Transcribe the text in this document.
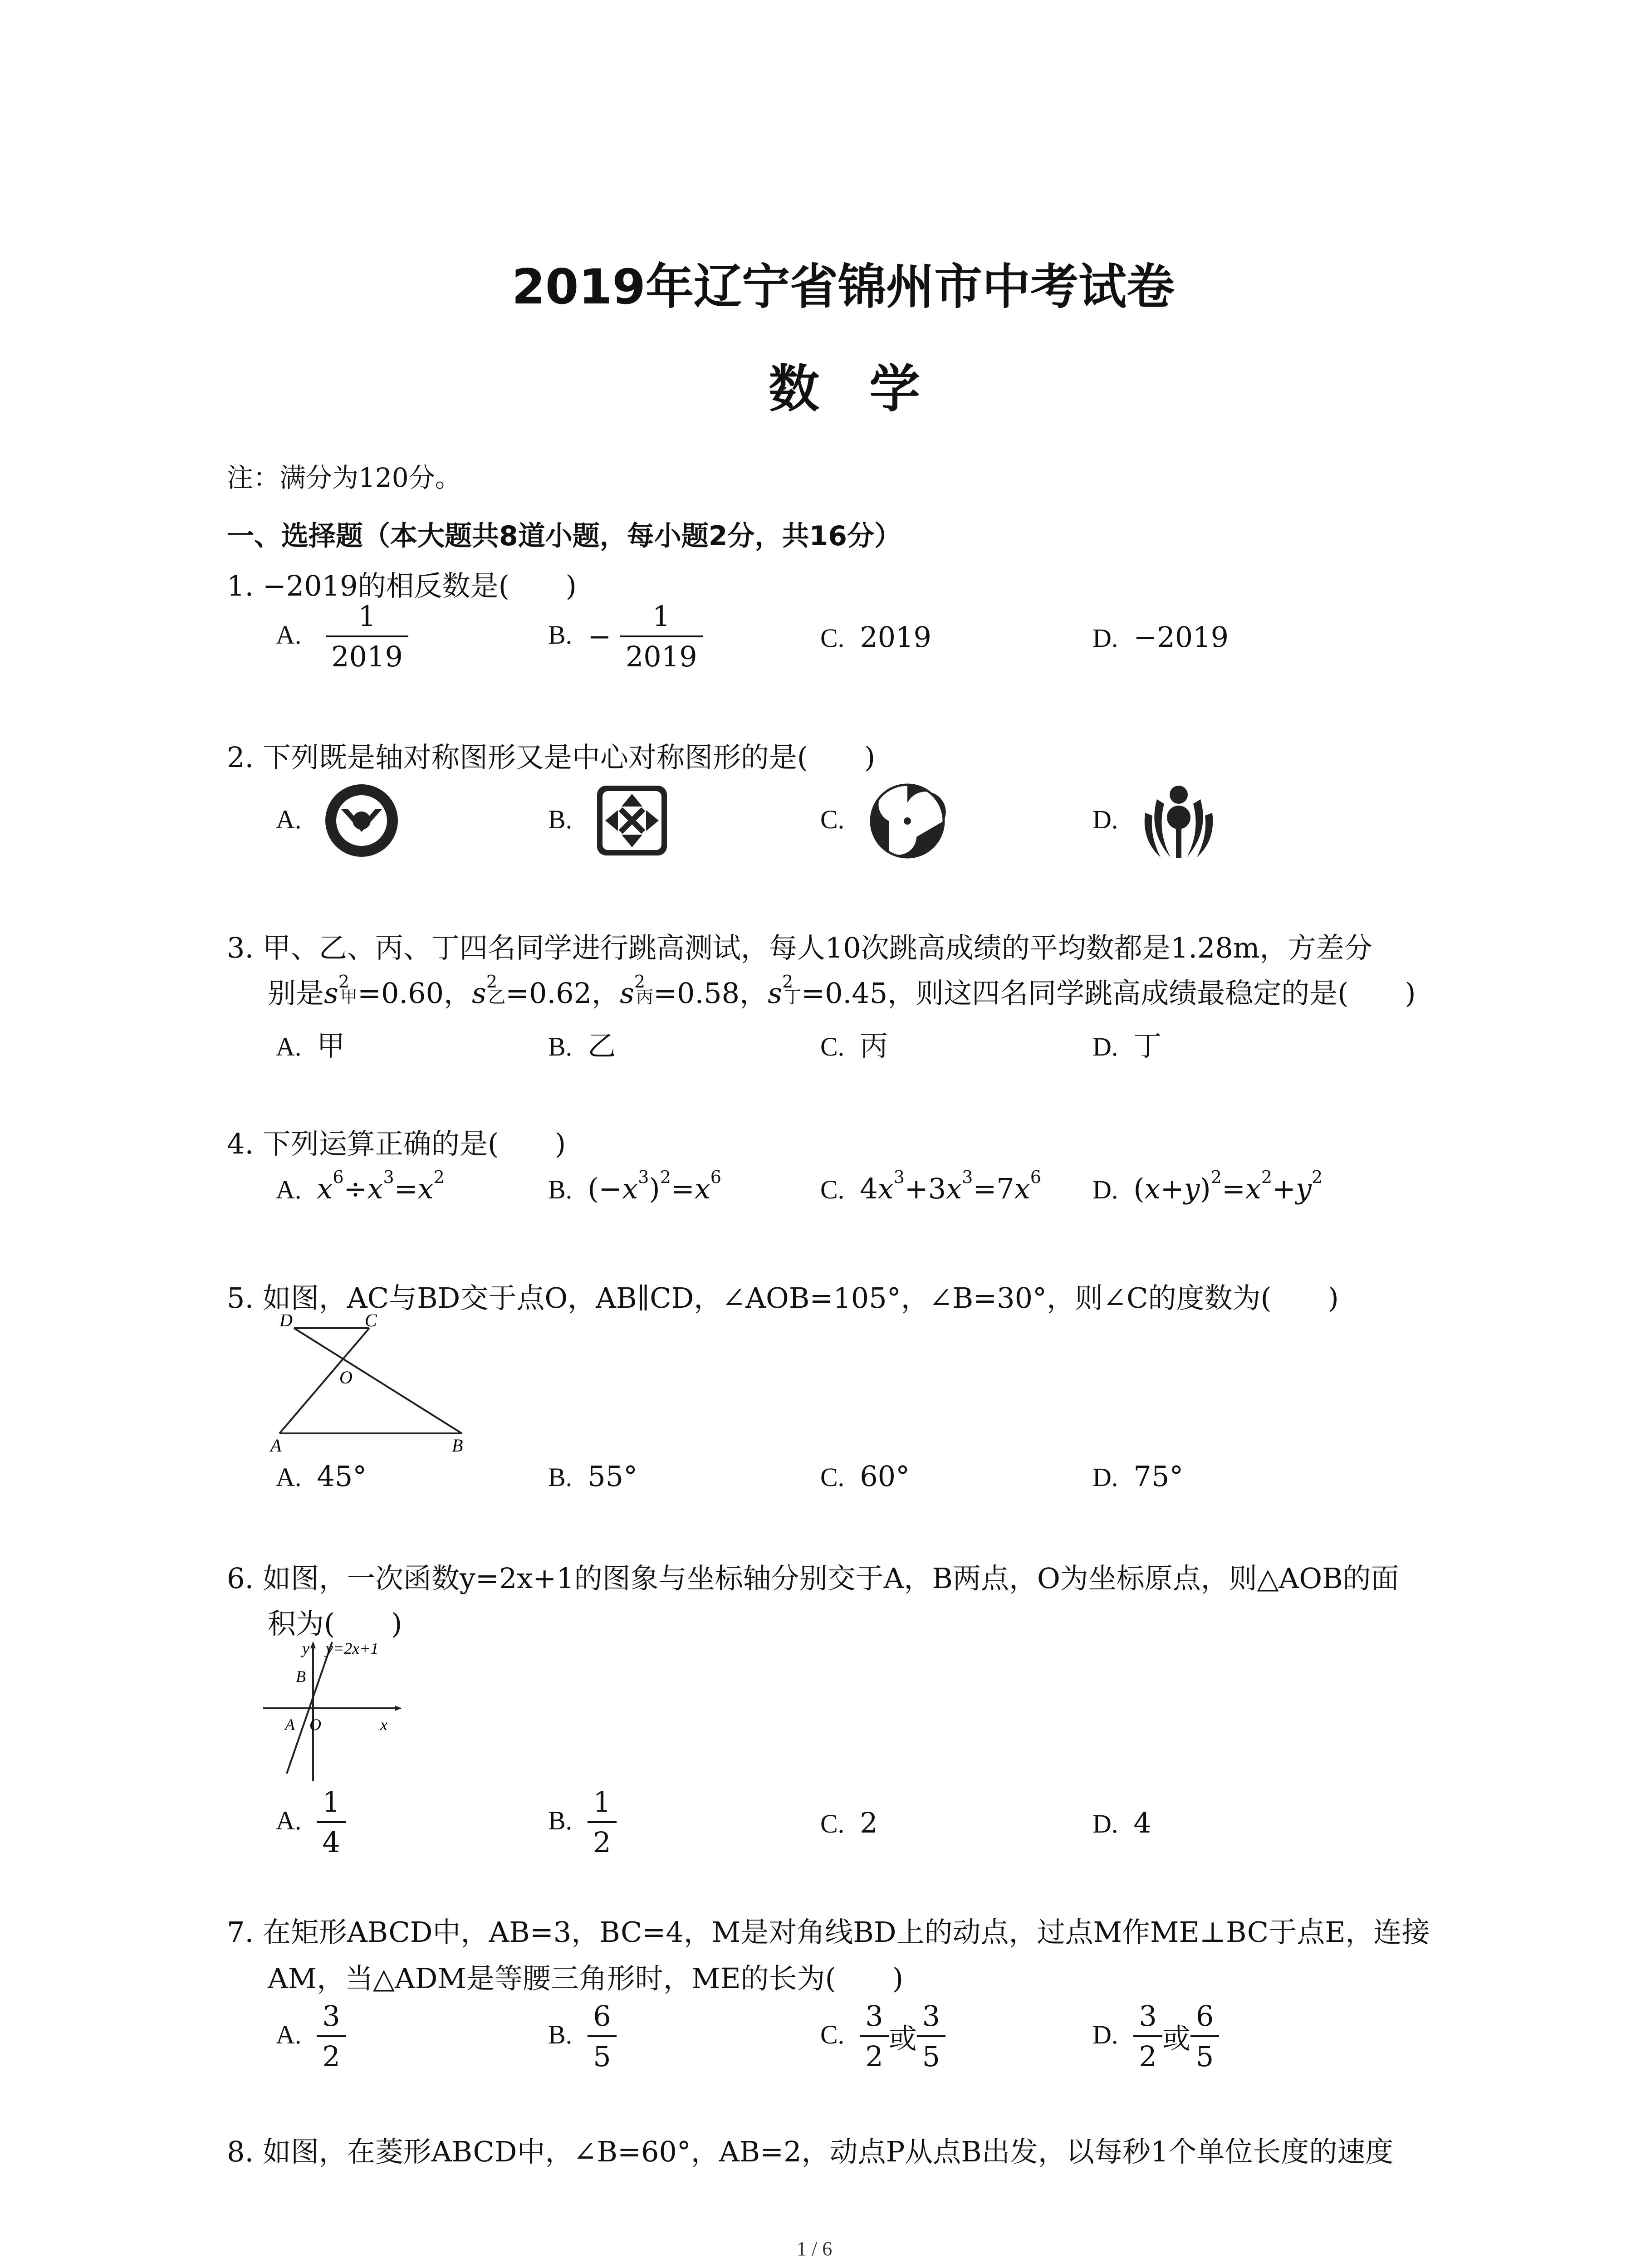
2019年辽宁省锦州市中考试卷
数学
注：满分为120分。
一、选择题（本大题共8道小题，每小题2分，共16分）
1. −2019的相反数是(　　)
A. $\frac{1}{2019}$	B. − $\frac{1}{2019}$	C. 2019	D. −2019
2. 下列既是轴对称图形又是中心对称图形的是(　　)
A.	B.	C.	D.
3. 甲、乙、丙、丁四名同学进行跳高测试，每人10次跳高成绩的平均数都是1.28m，方差分
别是$s^2$甲=0.60，$s^2$乙=0.62，$s^2$丙=0.58，$s^2$丁=0.45，则这四名同学跳高成绩最稳定的是(　　)
A. 甲	B. 乙	C. 丙	D. 丁
4. 下列运算正确的是(　　)
A. $x^6\div x^3=x^2$	B. $(-x^3)^2=x^6$	C. $4x^3+3x^3=7x^6$ D. $(x+y)^2=x^2+y^2$
5. 如图，AC与BD交于点O，AB∥CD，∠AOB=105°，∠B=30°，则∠C的度数为(　　)
D	C
O
A	B
A. 45°	B. 55°	C. 60°	D. 75°
6. 如图，一次函数y=2x+1的图象与坐标轴分别交于A，B两点，O为坐标原点，则△AOB的面
积为(　　)
y y=2x+1
B
A O	x
A. $\frac{1}{4}$	B. $\frac{1}{2}$	C. 2	D. 4
7. 在矩形ABCD中，AB=3，BC=4，M是对角线BD上的动点，过点M作ME⊥BC于点E，连接
AM，当△ADM是等腰三角形时，ME的长为(　　)
A. $\frac{3}{2}$	B. $\frac{6}{5}$	C. $\frac{3}{2}$ 或 $\frac{3}{5}$	D. $\frac{3}{2}$ 或 $\frac{6}{5}$
8. 如图，在菱形ABCD中，∠B=60°，AB=2，动点P从点B出发，以每秒1个单位长度的速度
1 / 6
